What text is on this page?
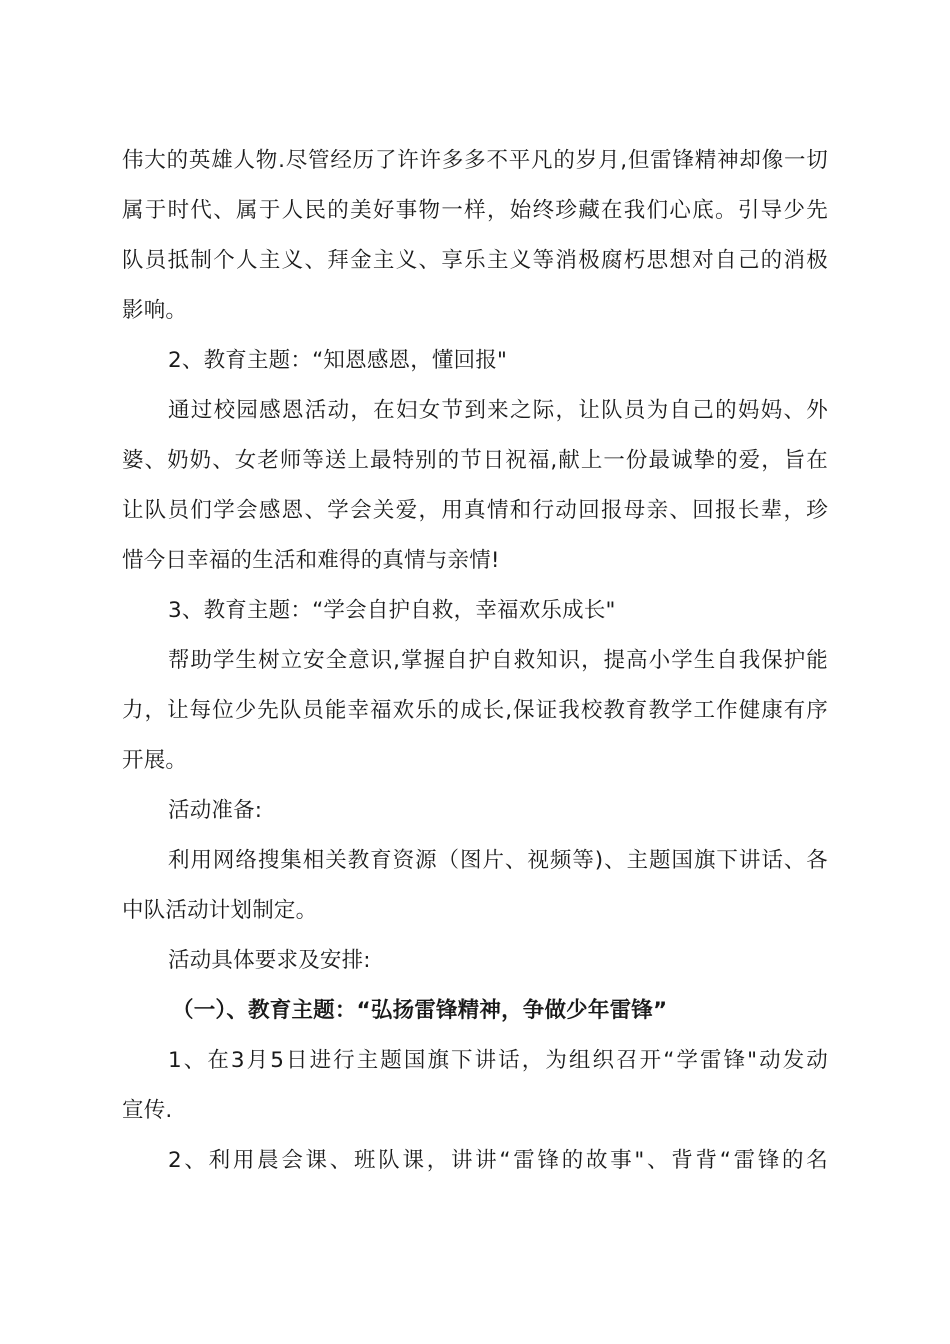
伟大的英雄人物.尽管经历了许许多多不平凡的岁月,但雷锋精神却像一切
属于时代、属于人民的美好事物一样，始终珍藏在我们心底。引导少先
队员抵制个人主义、拜金主义、享乐主义等消极腐朽思想对自己的消极
影响。
2、教育主题：“知恩感恩，懂回报"
通过校园感恩活动，在妇女节到来之际，让队员为自己的妈妈、外
婆、奶奶、女老师等送上最特别的节日祝福,献上一份最诚挚的爱，旨在
让队员们学会感恩、学会关爱，用真情和行动回报母亲、回报长辈，珍
惜今日幸福的生活和难得的真情与亲情!
3、教育主题：“学会自护自救，幸福欢乐成长"
帮助学生树立安全意识,掌握自护自救知识，提高小学生自我保护能
力，让每位少先队员能幸福欢乐的成长,保证我校教育教学工作健康有序
开展。
活动准备:
利用网络搜集相关教育资源（图片、视频等)、主题国旗下讲话、各
中队活动计划制定。
活动具体要求及安排:
（一）、教育主题：“弘扬雷锋精神，争做少年雷锋”
1、在3月5日进行主题国旗下讲话，为组织召开“学雷锋"动发动
宣传.
2、利用晨会课、班队课，讲讲“雷锋的故事"、背背“雷锋的名
